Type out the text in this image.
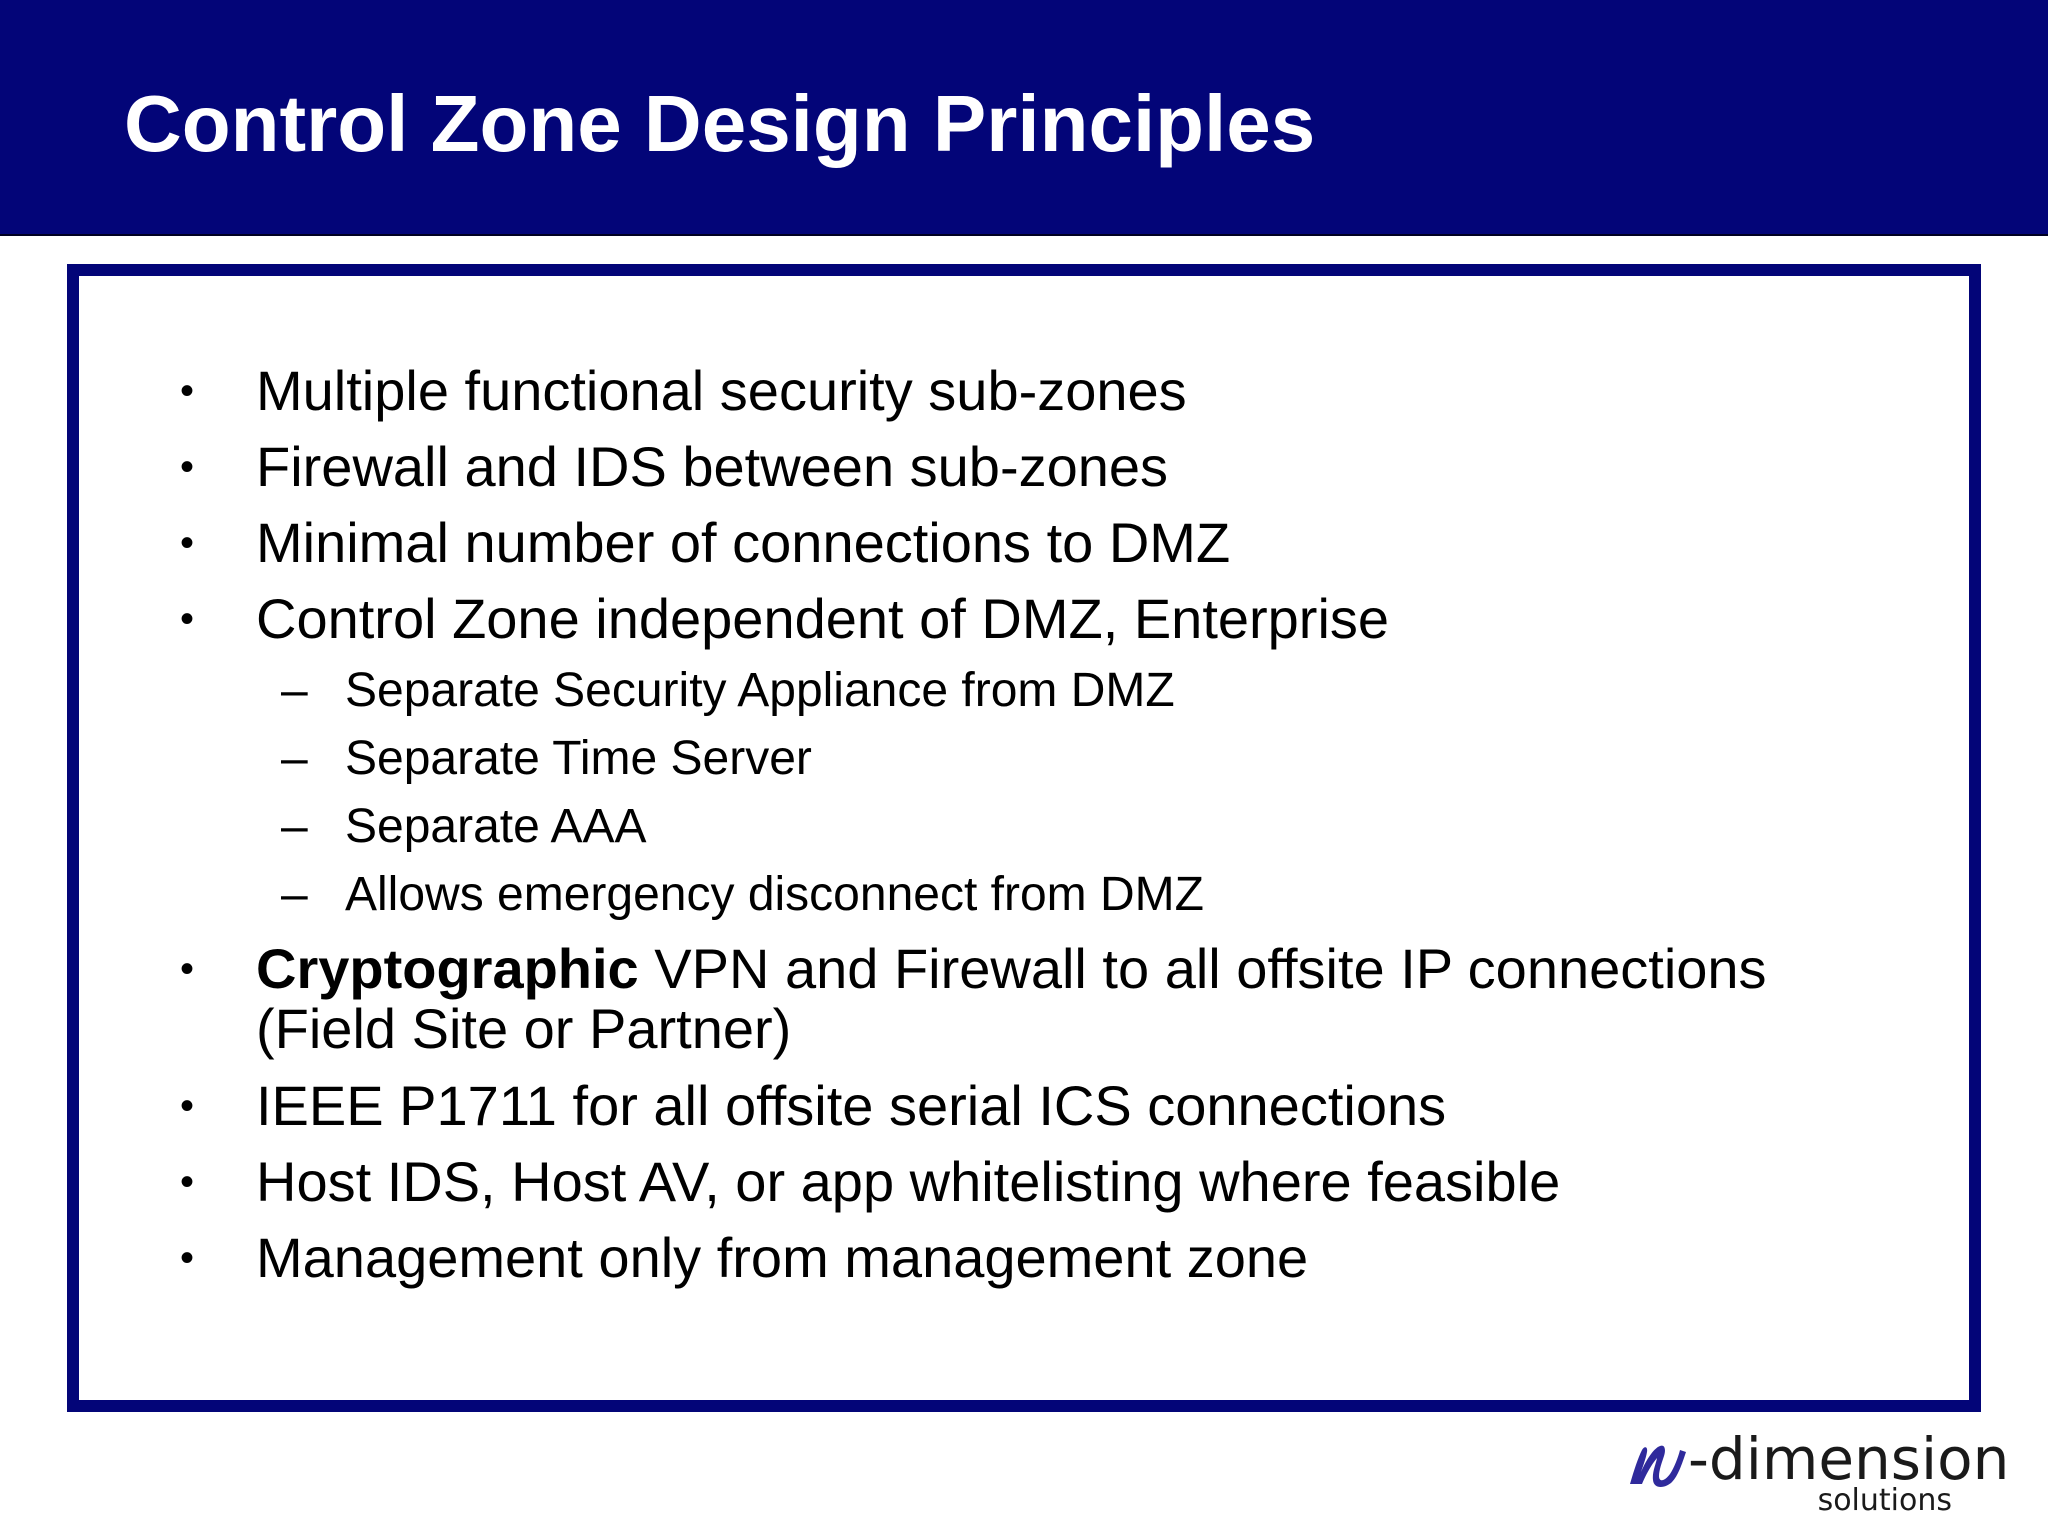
Control Zone Design Principles
• Multiple functional security sub-zones
• Firewall and IDS between sub-zones
• Minimal number of connections to DMZ
• Control Zone independent of DMZ, Enterprise
– Separate Security Appliance from DMZ
– Separate Time Server
– Separate AAA
– Allows emergency disconnect from DMZ
• Cryptographic VPN and Firewall to all offsite IP connections
(Field Site or Partner)
• IEEE P1711 for all offsite serial ICS connections
• Host IDS, Host AV, or app whitelisting where feasible
• Management only from management zone
-dimension
solutions
